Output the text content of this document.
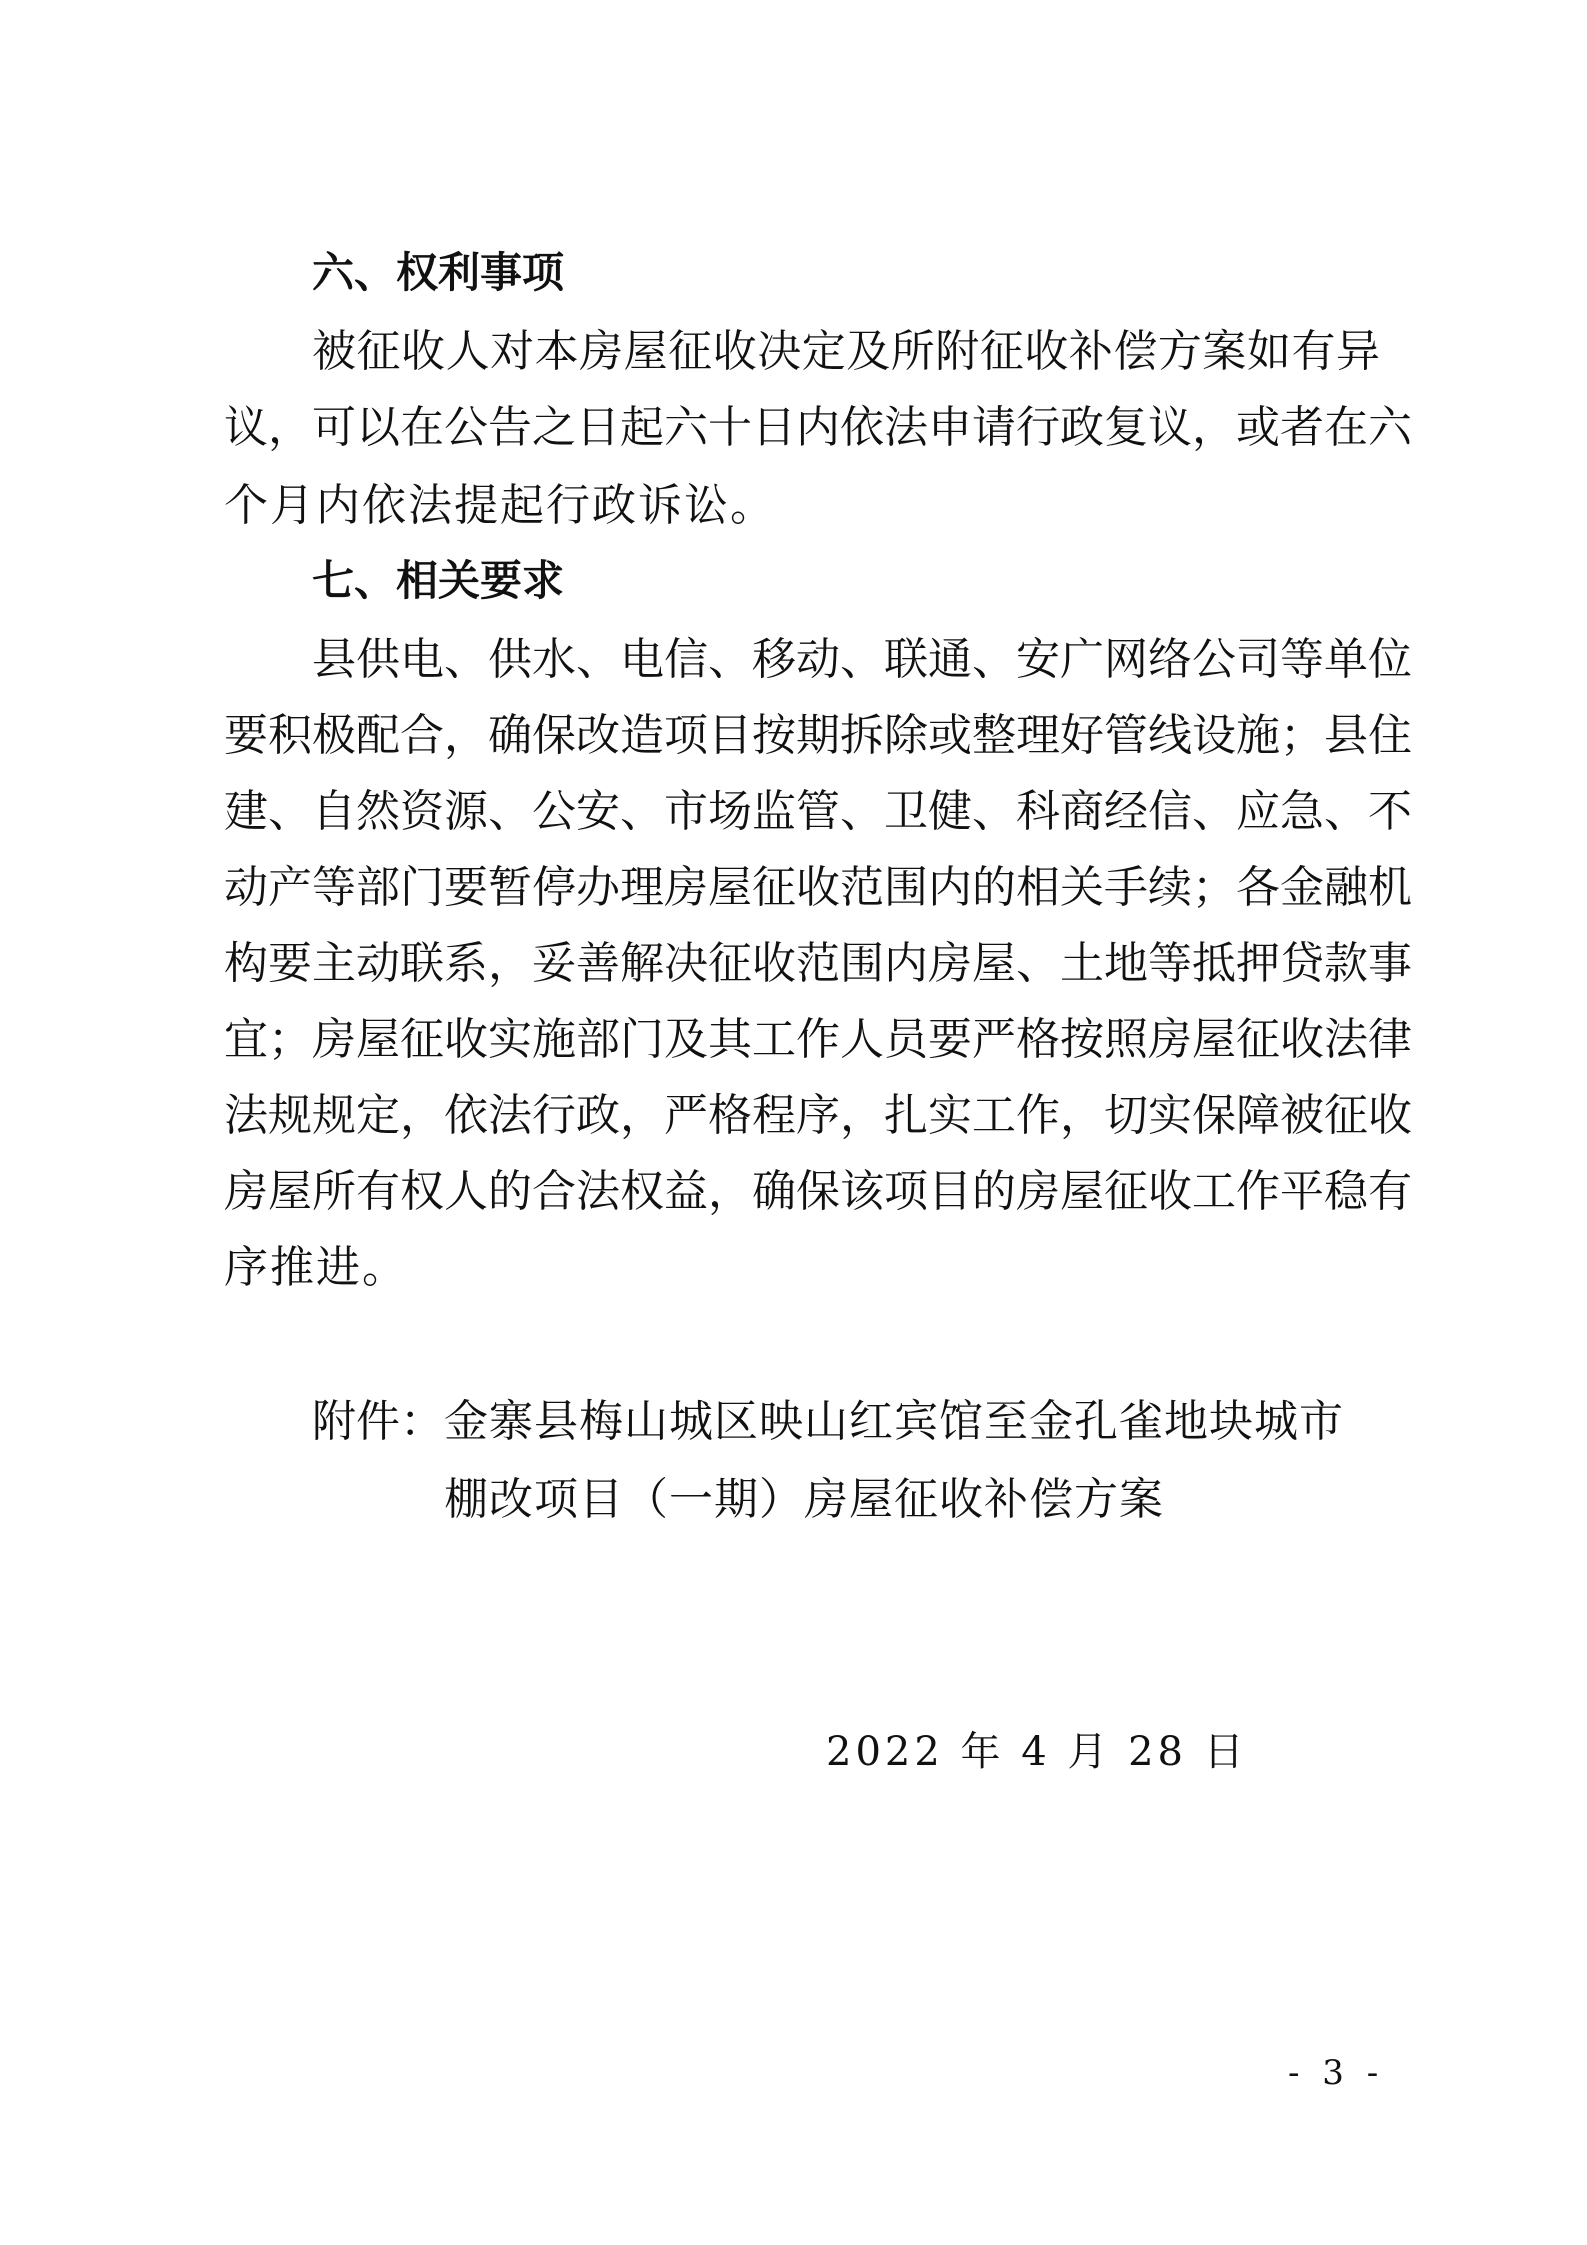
六、权利事项
被征收人对本房屋征收决定及所附征收补偿方案如有异
议，可以在公告之日起六十日内依法申请行政复议，或者在六
个月内依法提起行政诉讼。
七、相关要求
县供电、供水、电信、移动、联通、安广网络公司等单位
要积极配合，确保改造项目按期拆除或整理好管线设施；县住
建、自然资源、公安、市场监管、卫健、科商经信、应急、不
动产等部门要暂停办理房屋征收范围内的相关手续；各金融机
构要主动联系，妥善解决征收范围内房屋、土地等抵押贷款事
宜；房屋征收实施部门及其工作人员要严格按照房屋征收法律
法规规定，依法行政，严格程序，扎实工作，切实保障被征收
房屋所有权人的合法权益，确保该项目的房屋征收工作平稳有
序推进。
附件： 金寨县梅山城区映山红宾馆至金孔雀地块城市
棚改项目（一期）房屋征收补偿方案
2022 年 4 月 28 日
- 3 -
